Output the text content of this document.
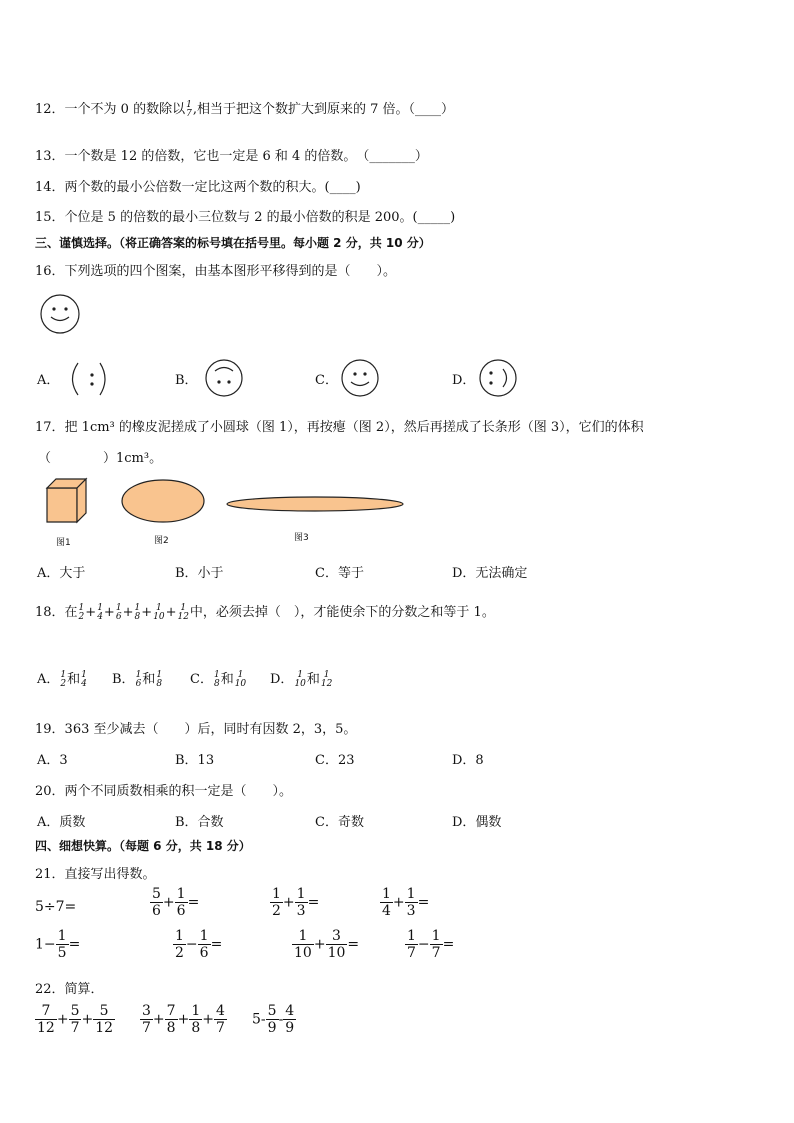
12．一个不为 0 的数除以 1
7 ,相当于把这个数扩大到原来的 7 倍。（____）
13．一个数是 12 的倍数，它也一定是 6 和 4 的倍数。　（_______）
14．两个数的最小公倍数一定比这两个数的积大。(____)
15．个位是 5 的倍数的最小三位数与 2 的最小倍数的积是 200。(_____)
三、谨慎选择。（将正确答案的标号填在括号里。每小题 2 分，共 10 分）
16．下列选项的四个图案，由基本图形平移得到的是（　　）。
A．	B．	C．	D．
17．把 1cm³ 的橡皮泥搓成了小圆球（图 1），再按瘪（图 2），然后再搓成了长条形（图 3），它们的体积
（　　　　）1cm³。
图1	图2	图3
A．大于	B．小于	C．等于	D．无法确定
18．在 1
2 + 1
4 + 1
6 + 1
8 + 1
10 + 1
12 中，必须去掉（　），才能使余下的分数之和等于 1。
A． 1
2 和 1
4 B． 1
6 和 1
8 C． 1
8 和 1
10 D． 1
10 和 1
12
19．363 至少减去（　　）后，同时有因数 2，3，5。
A．3	B．13	C．23	D．8
20．两个不同质数相乘的积一定是（　　）。
A．质数	B．合数	C．奇数	D．偶数
四、细想快算。（每题 6 分，共 18 分）
21．直接写出得数。
5÷7=	$\frac{5}{6} + \frac{1}{6}$ =	$\frac{1}{2} + \frac{1}{3}$ =	$\frac{1}{4} + \frac{1}{3}$ =
$1- \frac{1}{5}$ =	$\frac{1}{2} - \frac{1}{6}$ =	$\frac{1}{10} + \frac{3}{10}$ =	$\frac{1}{7} - \frac{1}{7}$ =
22．简算．
$\frac{7}{12} + \frac{5}{7} + \frac{5}{12} \frac{3}{7} + \frac{7}{8} + \frac{1}{8} + \frac{4}{7} 5- \frac{5}{9} - \frac{4}{9}$
